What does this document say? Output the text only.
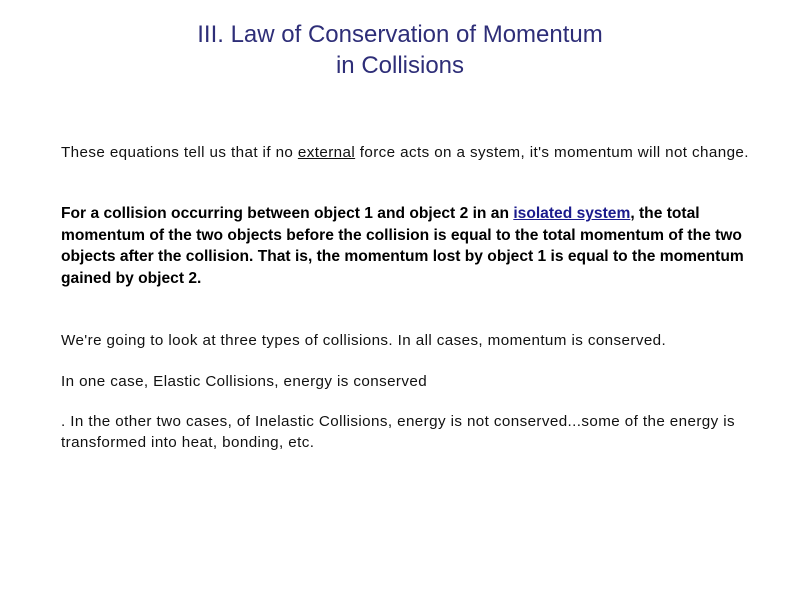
III. Law of Conservation of Momentum
in Collisions

These equations tell us that if no external force acts on a system, it's momentum will not change.

For a collision occurring between object 1 and object 2 in an isolated system, the total momentum of the two objects before the collision is equal to the total momentum of the two objects after the collision. That is, the momentum lost by object 1 is equal to the momentum gained by object 2.

We're going to look at three types of collisions. In all cases, momentum is conserved.

In one case, Elastic Collisions, energy is conserved

. In the other two cases, of Inelastic Collisions, energy is not conserved...some of the energy is transformed into heat, bonding, etc.
